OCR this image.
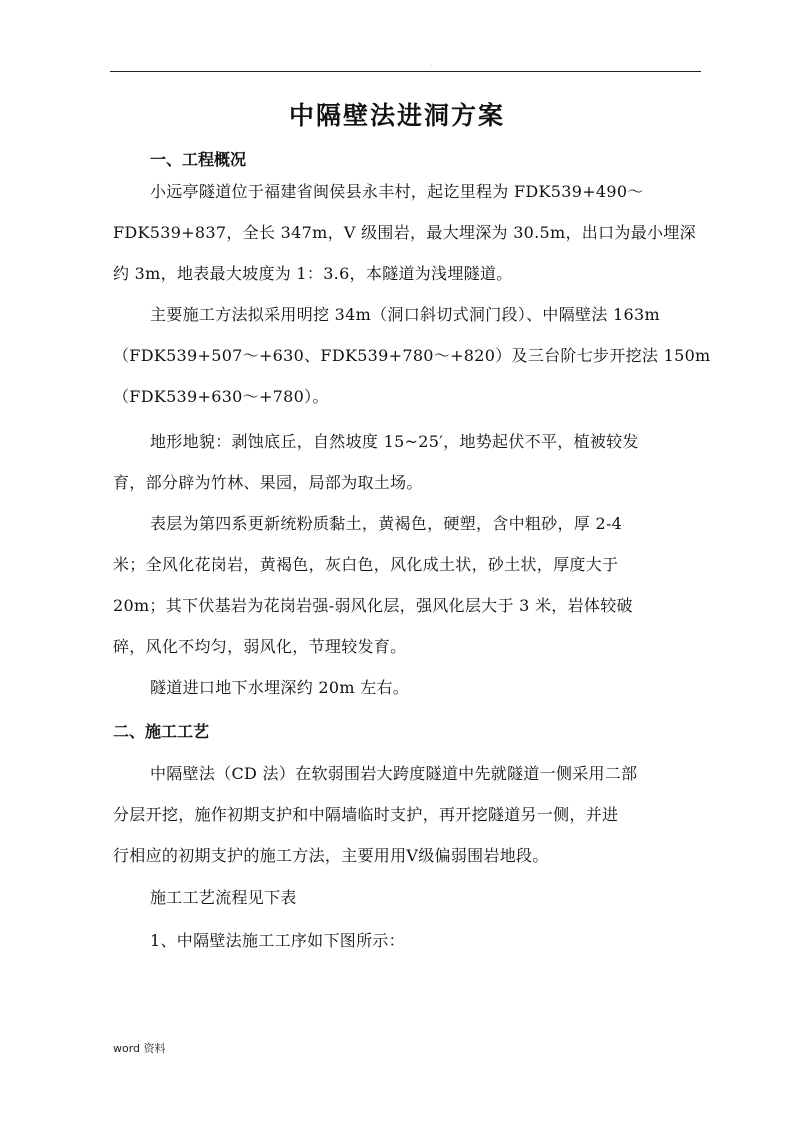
.
中隔壁法进洞方案
一、工程概况
小远亭隧道位于福建省闽侯县永丰村，起讫里程为 FDK539+490～
FDK539+837，全长 347m，V 级围岩，最大埋深为 30.5m，出口为最小埋深
约 3m，地表最大坡度为 1：3.6，本隧道为浅埋隧道。
主要施工方法拟采用明挖 34m（洞口斜切式洞门段）、中隔壁法 163m
（FDK539+507～+630、FDK539+780～+820）及三台阶七步开挖法 150m
（FDK539+630～+780）。
地形地貌：剥蚀底丘，自然坡度 15~25′，地势起伏不平，植被较发
育，部分辟为竹林、果园，局部为取土场。
表层为第四系更新统粉质黏土，黄褐色，硬塑，含中粗砂，厚 2-4
米；全风化花岗岩，黄褐色，灰白色，风化成土状，砂土状，厚度大于
20m；其下伏基岩为花岗岩强-弱风化层，强风化层大于 3 米，岩体较破
碎，风化不均匀，弱风化，节理较发育。
隧道进口地下水埋深约 20m 左右。
二、施工工艺
中隔壁法（CD 法）在软弱围岩大跨度隧道中先就隧道一侧采用二部
分层开挖，施作初期支护和中隔墙临时支护，再开挖隧道另一侧，并进
行相应的初期支护的施工方法，主要用用Ⅴ级偏弱围岩地段。
施工工艺流程见下表
1、中隔壁法施工工序如下图所示：
word 资料
